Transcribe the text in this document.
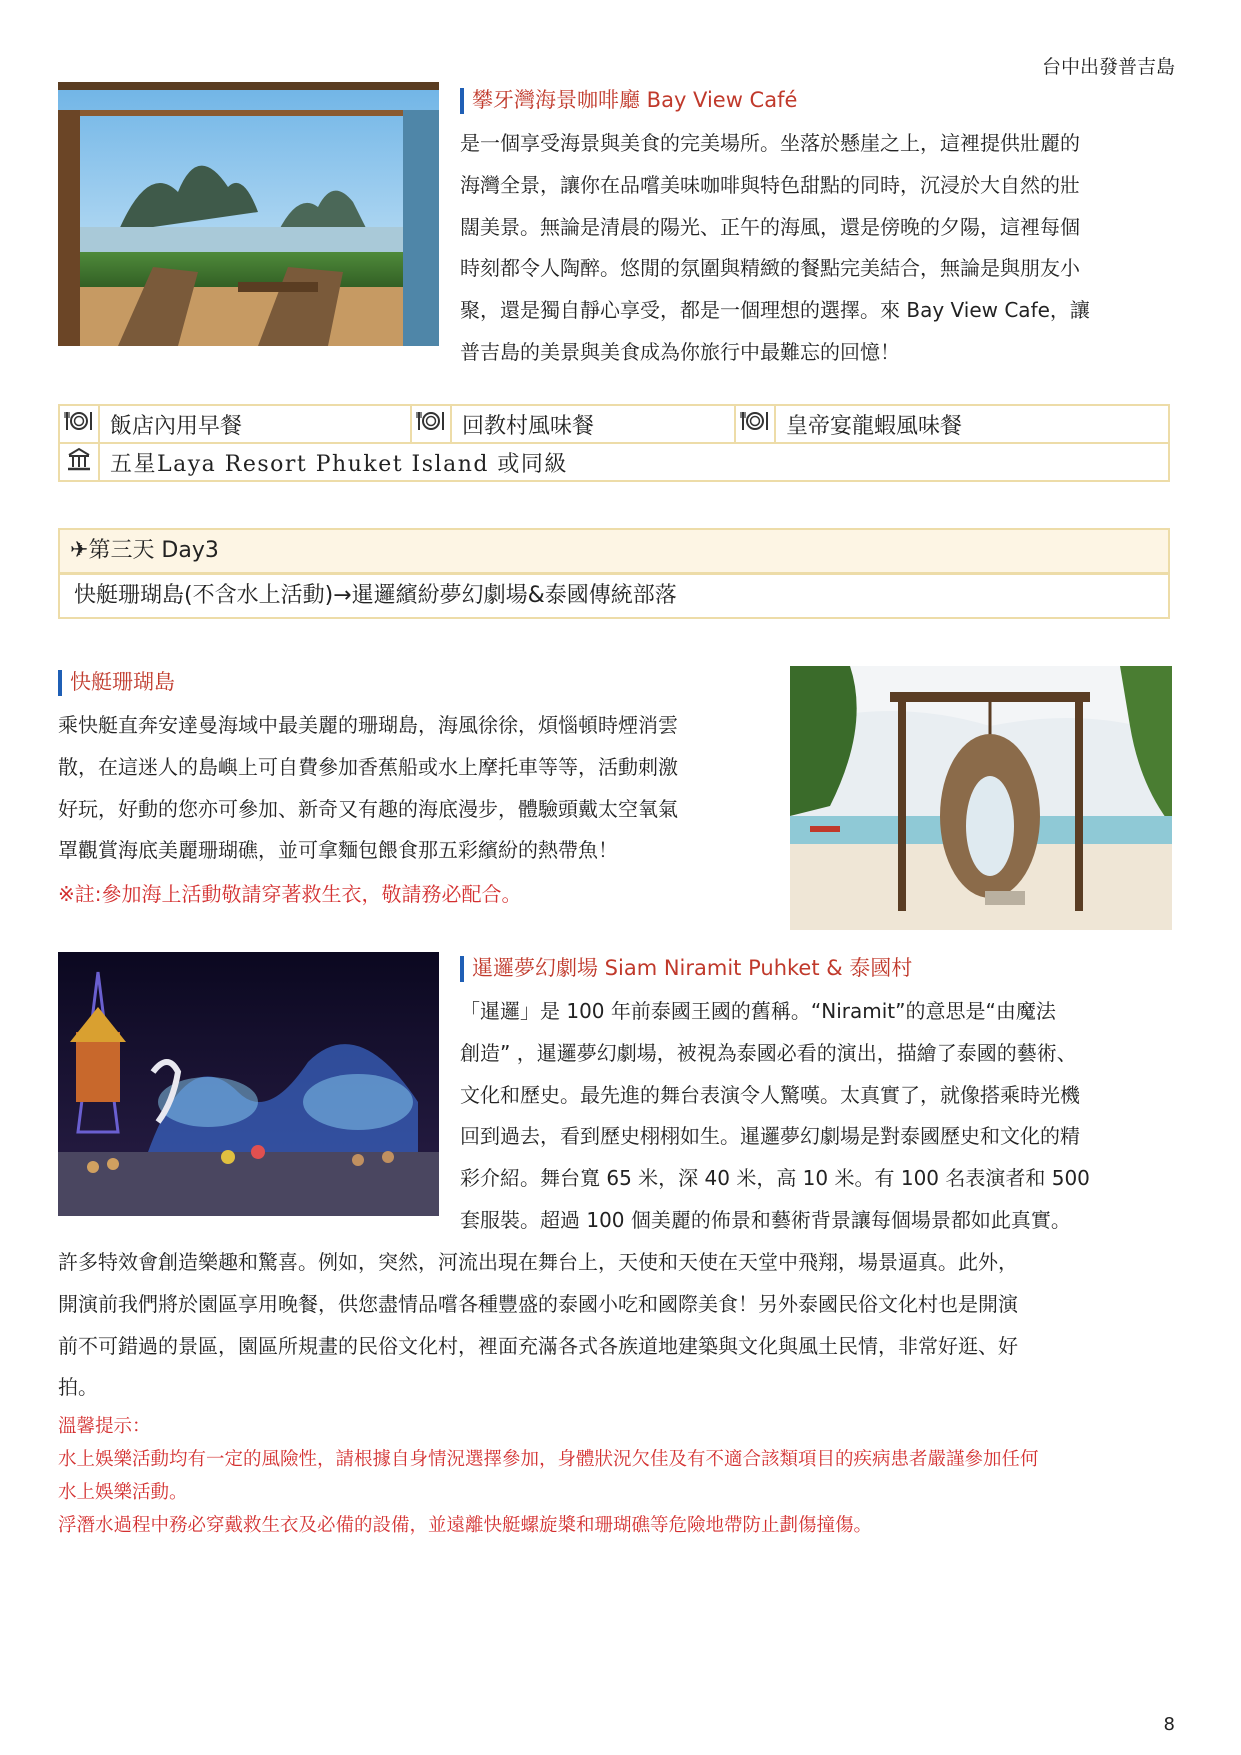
台中出發普吉島
攀牙灣海景咖啡廳 Bay View Café
是一個享受海景與美食的完美場所。坐落於懸崖之上，這裡提供壯麗的
海灣全景，讓你在品嚐美味咖啡與特色甜點的同時，沉浸於大自然的壯
闊美景。無論是清晨的陽光、正午的海風，還是傍晚的夕陽，這裡每個
時刻都令人陶醉。悠閒的氛圍與精緻的餐點完美結合，無論是與朋友小
聚，還是獨自靜心享受，都是一個理想的選擇。來 Bay View Cafe，讓
普吉島的美景與美食成為你旅行中最難忘的回憶！
	飯店內用早餐		回教村風味餐		皇帝宴龍蝦風味餐
	五星Laya Resort Phuket Island 或同級				
✈第三天 Day3
快艇珊瑚島(不含水上活動)→暹邏繽紛夢幻劇場&泰國傳統部落
快艇珊瑚島
乘快艇直奔安達曼海域中最美麗的珊瑚島，海風徐徐，煩惱頓時煙消雲
散，在這迷人的島嶼上可自費參加香蕉船或水上摩托車等等，活動刺激
好玩，好動的您亦可參加、新奇又有趣的海底漫步，體驗頭戴太空氧氣
罩觀賞海底美麗珊瑚礁，並可拿麵包餵食那五彩繽紛的熱帶魚！
※註:參加海上活動敬請穿著救生衣，敬請務必配合。
暹邏夢幻劇場 Siam Niramit Puhket & 泰國村
「暹邏」是 100 年前泰國王國的舊稱。“Niramit”的意思是“由魔法
創造” ，暹邏夢幻劇場，被視為泰國必看的演出，描繪了泰國的藝術、
文化和歷史。最先進的舞台表演令人驚嘆。太真實了，就像搭乘時光機
回到過去，看到歷史栩栩如生。暹邏夢幻劇場是對泰國歷史和文化的精
彩介紹。舞台寬 65 米，深 40 米，高 10 米。有 100 名表演者和 500
套服裝。超過 100 個美麗的佈景和藝術背景讓每個場景都如此真實。
許多特效會創造樂趣和驚喜。例如，突然，河流出現在舞台上，天使和天使在天堂中飛翔，場景逼真。此外，
開演前我們將於園區享用晚餐，供您盡情品嚐各種豐盛的泰國小吃和國際美食！另外泰國民俗文化村也是開演
前不可錯過的景區，園區所規畫的民俗文化村，裡面充滿各式各族道地建築與文化與風土民情，非常好逛、好
拍。
溫馨提示：
水上娛樂活動均有一定的風險性，請根據自身情況選擇參加，身體狀況欠佳及有不適合該類項目的疾病患者嚴謹參加任何
水上娛樂活動。
浮潛水過程中務必穿戴救生衣及必備的設備，並遠離快艇螺旋槳和珊瑚礁等危險地帶防止劃傷撞傷。
8
